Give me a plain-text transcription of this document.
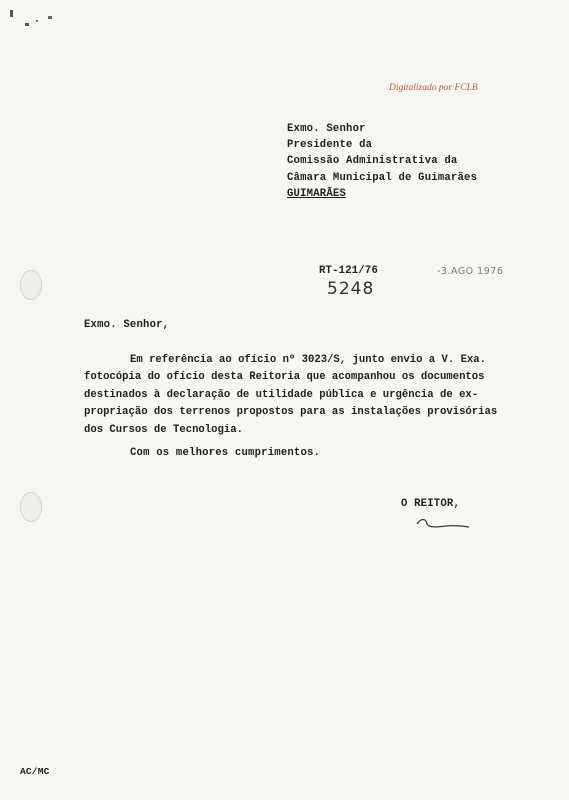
Digitalizado por FCLB
Exmo. Senhor
Presidente da
Comissão Administrativa da
Câmara Municipal de Guimarães
GUIMARÃES
RT-121/76	-3.AGO 1976
5248
Exmo. Senhor,
Em referência ao ofício nº 3023/S, junto envio a V. Exa.
fotocópia do ofício desta Reitoria que acompanhou os documentos
destinados à declaração de utilidade pública e urgência de ex-
propriação dos terrenos propostos para as instalações provisórias
dos Cursos de Tecnologia.
Com os melhores cumprimentos.
O REITOR,
AC/MC
